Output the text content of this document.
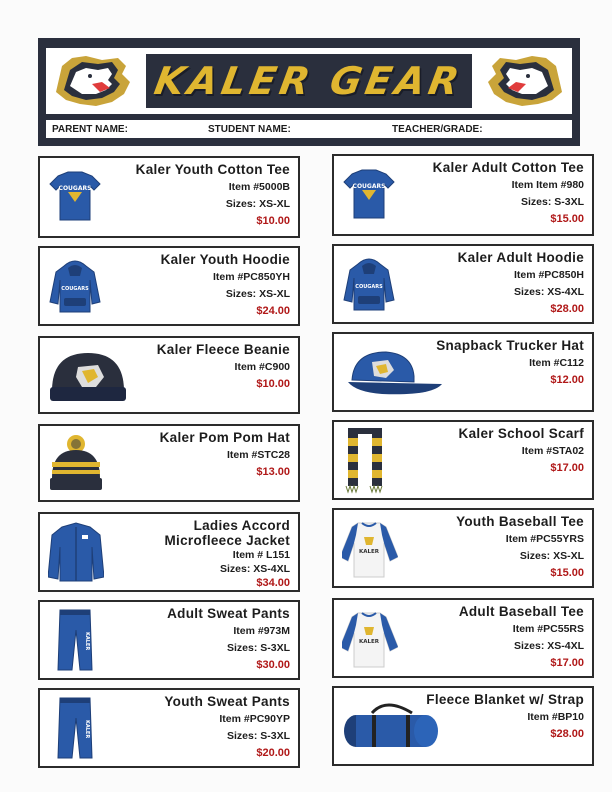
KALER GEAR
PARENT NAME:	STUDENT NAME:	TEACHER/GRADE:
COUGARS
Kaler Youth Cotton Tee
Item #5000B
Sizes: XS-XL
$10.00
COUGARS
Kaler Adult Cotton Tee
Item Item #980
Sizes: S-3XL
$15.00
COUGARS
Kaler Youth Hoodie
Item #PC850YH
Sizes: XS-XL
$24.00
COUGARS
Kaler Adult Hoodie
Item #PC850H
Sizes: XS-4XL
$28.00
Kaler Fleece Beanie
Item #C900
$10.00
Snapback Trucker Hat
Item #C112
$12.00
Kaler Pom Pom Hat
Item #STC28
$13.00
Kaler School Scarf
Item #STA02
$17.00
Ladies Accord
Microfleece Jacket
Item # L151
Sizes: XS-4XL
$34.00
KALER
Youth Baseball Tee
Item #PC55YRS
Sizes: XS-XL
$15.00
KALER
Adult Sweat Pants
Item #973M
Sizes: S-3XL
$30.00
KALER
Adult Baseball Tee
Item #PC55RS
Sizes: XS-4XL
$17.00
KALER
Youth Sweat Pants
Item #PC90YP
Sizes: S-3XL
$20.00
Fleece Blanket w/ Strap
Item #BP10
$28.00
